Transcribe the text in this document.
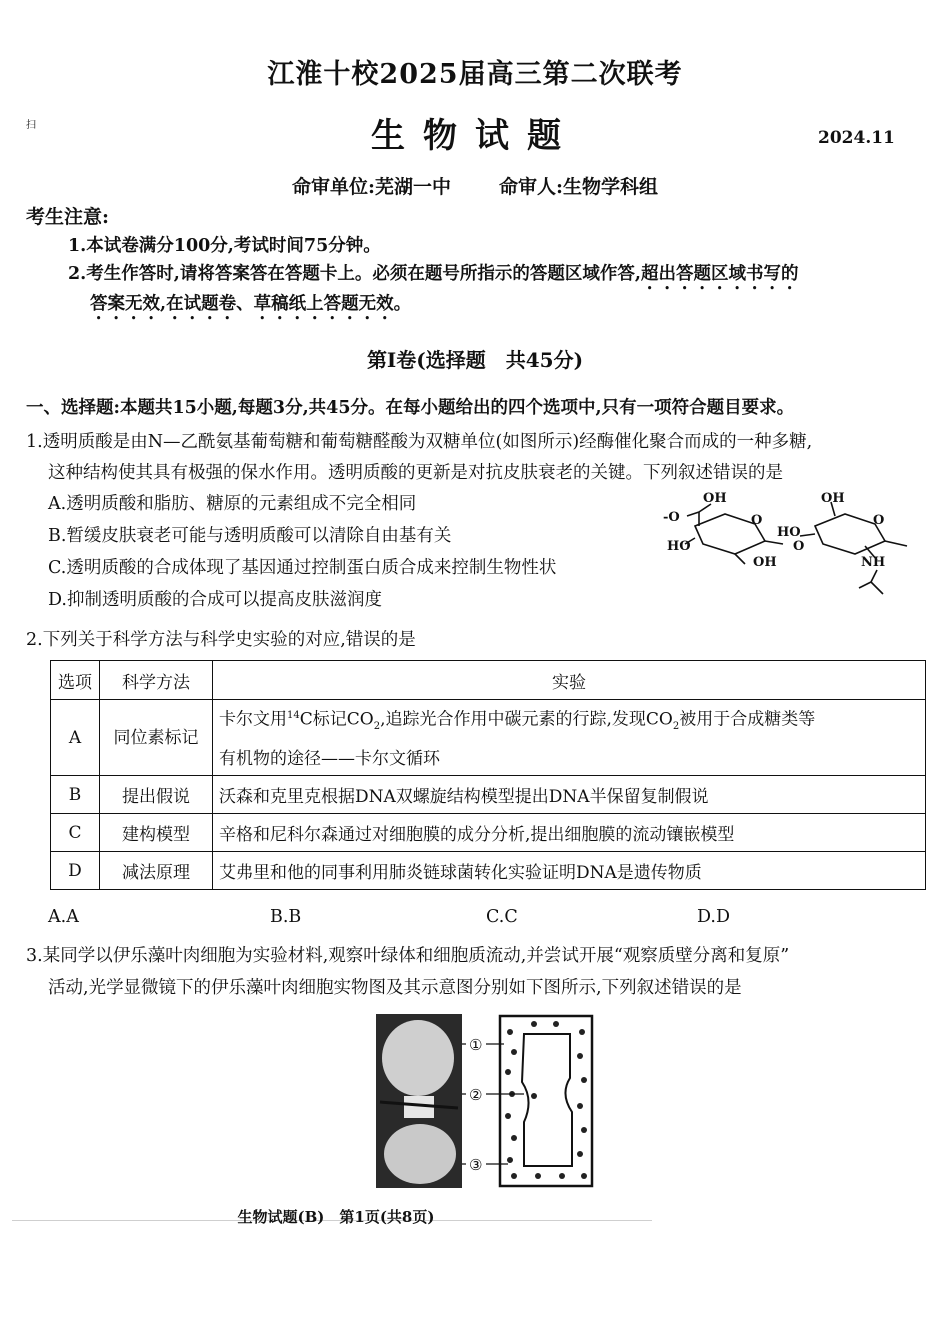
扫
江淮十校2025届高三第二次联考
生物试题	2024.11
命审单位:芜湖一中	命审人:生物学科组
考生注意:
1.本试卷满分100分,考试时间75分钟。
2.考生作答时,请将答案答在答题卡上。必须在题号所指示的答题区域作答,超出答题区域书写的
答案无效,在试题卷、草稿纸上答题无效。
第Ⅰ卷(选择题　共45分)
一、选择题:本题共15小题,每题3分,共45分。在每小题给出的四个选项中,只有一项符合题目要求。
1.透明质酸是由N—乙酰氨基葡萄糖和葡萄糖醛酸为双糖单位(如图所示)经酶催化聚合而成的一种多糖,
这种结构使其具有极强的保水作用。透明质酸的更新是对抗皮肤衰老的关键。下列叙述错误的是
A.透明质酸和脂肪、糖原的元素组成不完全相同
B.暂缓皮肤衰老可能与透明质酸可以清除自由基有关
C.透明质酸的合成体现了基因通过控制蛋白质合成来控制生物性状
D.抑制透明质酸的合成可以提高皮肤滋润度
OH
-O	O
HO
OH
HO
O
OH
O
NH
2.下列关于科学方法与科学史实验的对应,错误的是
选项	科学方法	实验
A	同位素标记	卡尔文用$^{14}$C标记$CO_2$,追踪光合作用中碳元素的行踪,发现$CO_2$被用于合成糖类等
有机物的途径——卡尔文循环
B	提出假说	沃森和克里克根据DNA双螺旋结构模型提出DNA半保留复制假说
C	建构模型	辛格和尼科尔森通过对细胞膜的成分分析,提出细胞膜的流动镶嵌模型
D	减法原理	艾弗里和他的同事利用肺炎链球菌转化实验证明DNA是遗传物质
A.A	B.B	C.C	D.D
3.某同学以伊乐藻叶肉细胞为实验材料,观察叶绿体和细胞质流动,并尝试开展“观察质壁分离和复原”
活动,光学显微镜下的伊乐藻叶肉细胞实物图及其示意图分别如下图所示,下列叙述错误的是
①
②
③
生物试题(B)　第1页(共8页)
